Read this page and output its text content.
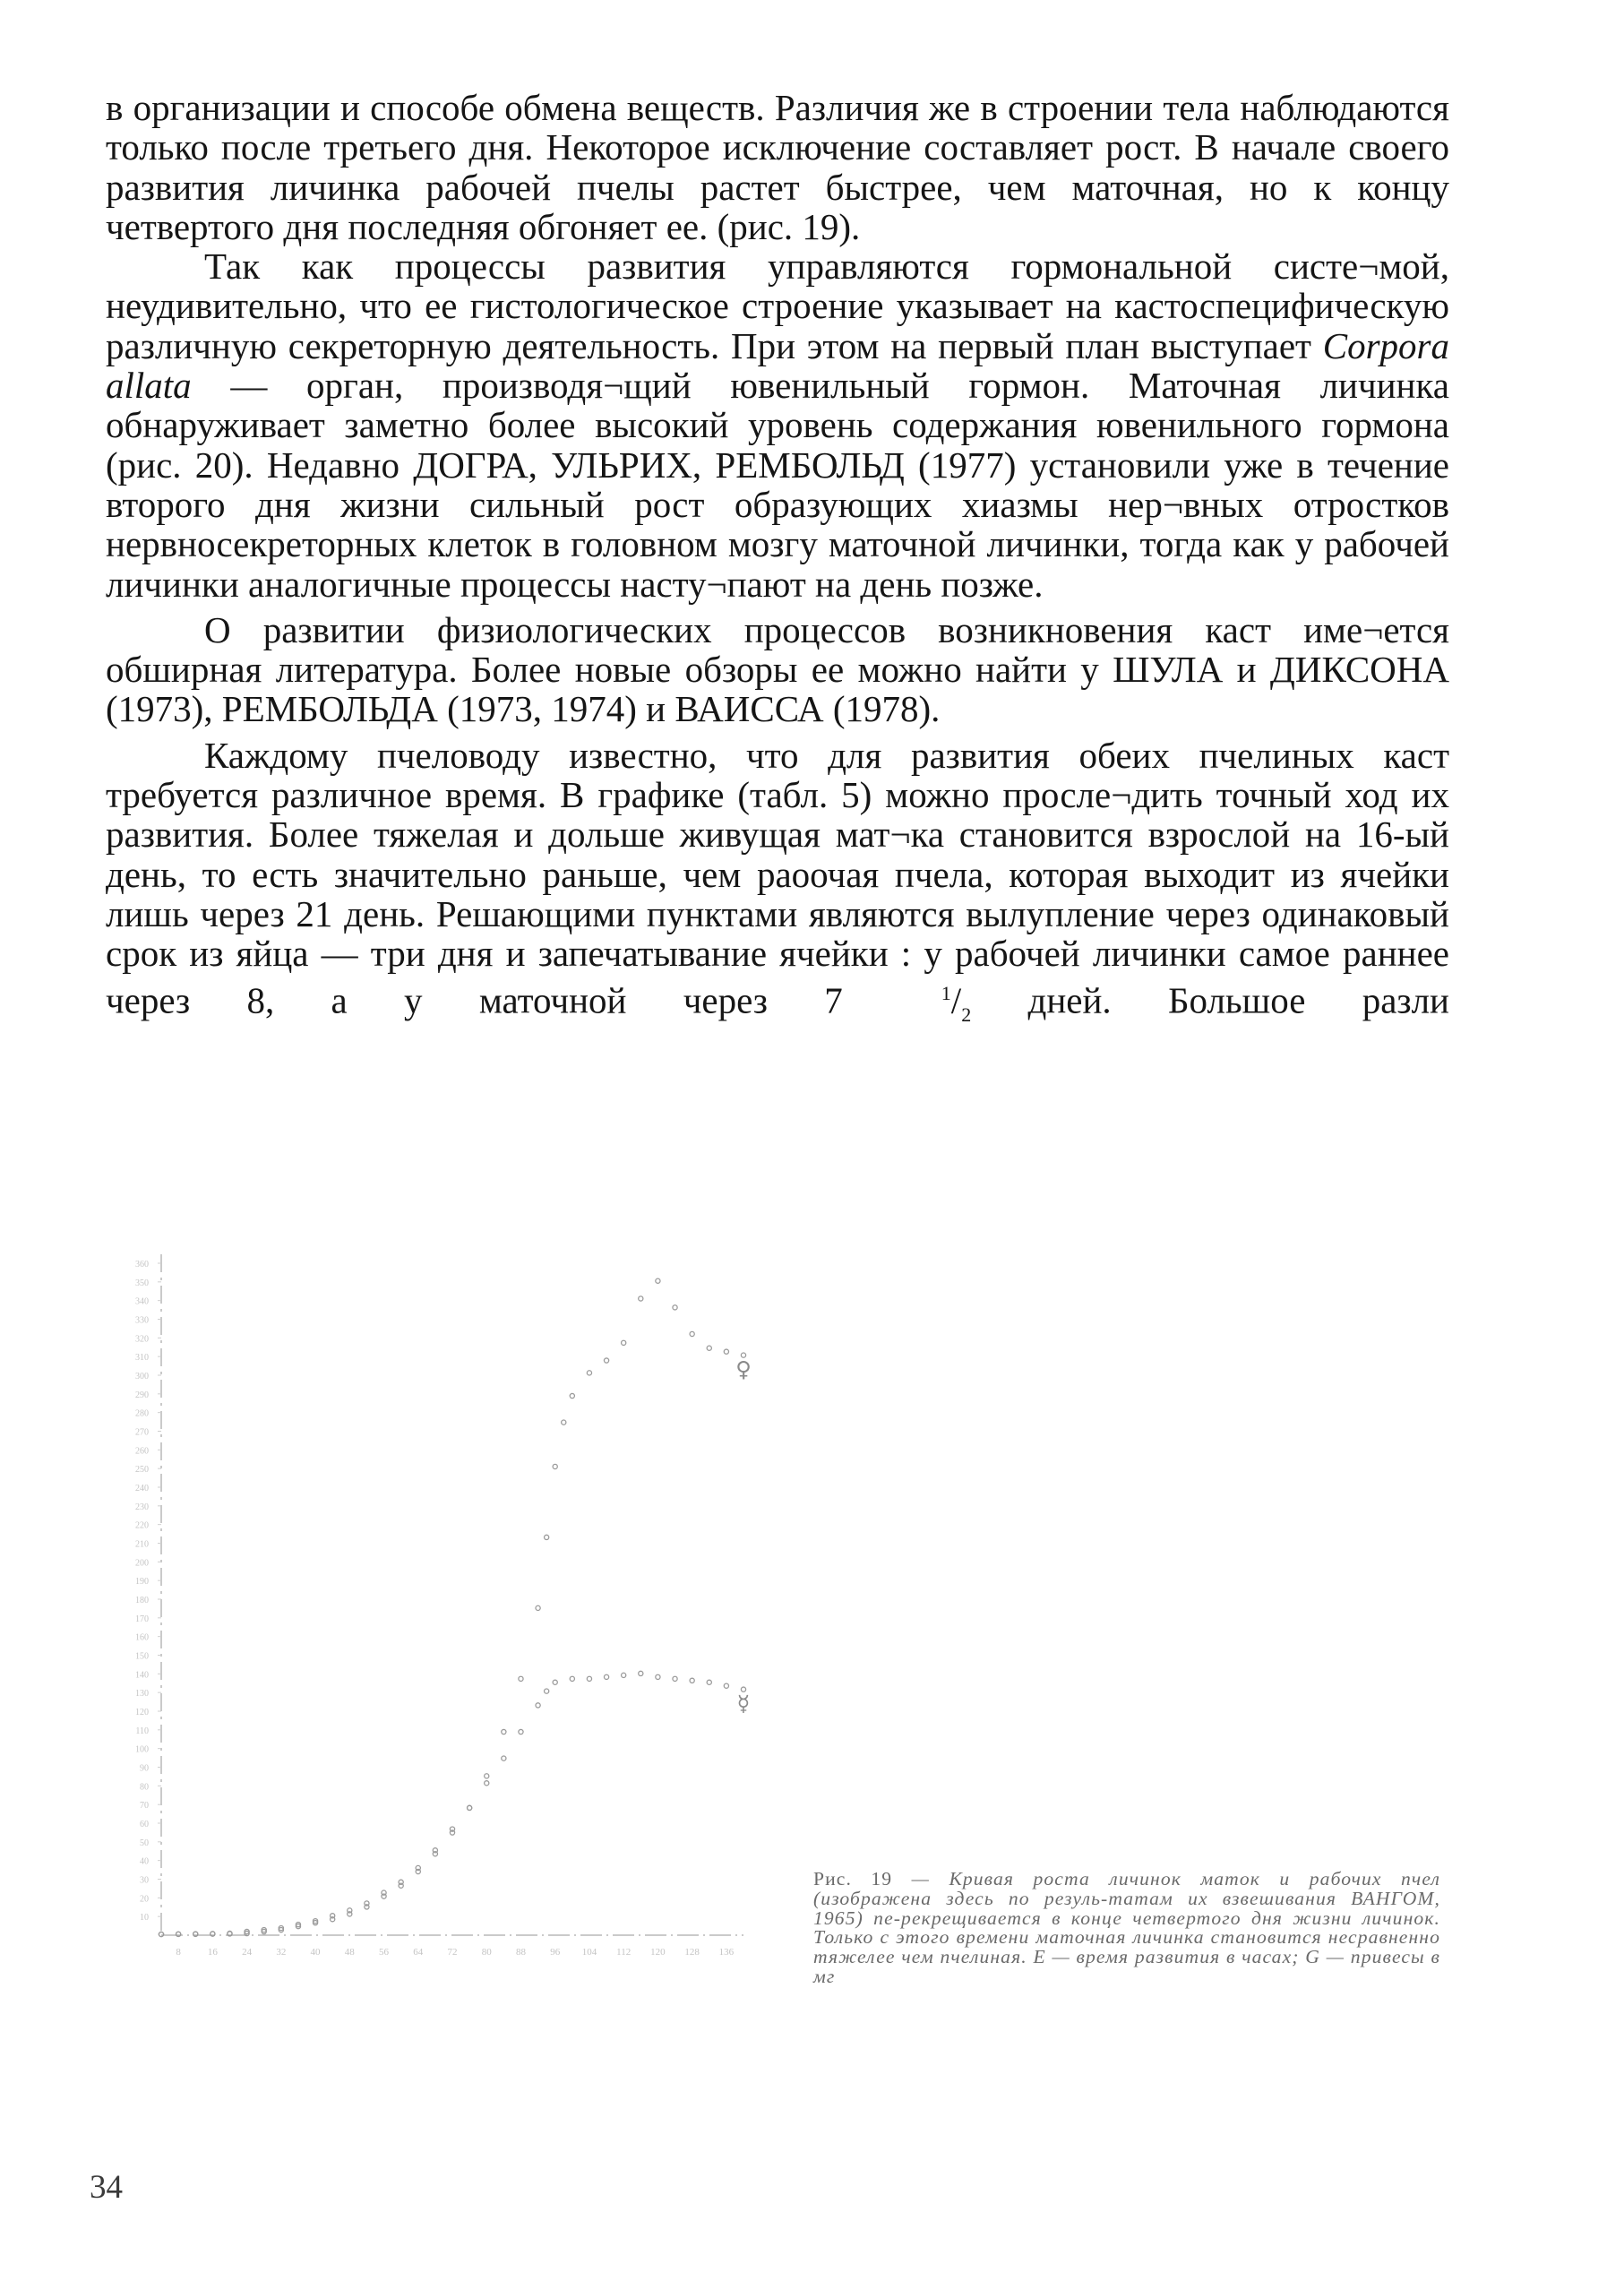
в организации и способе обмена веществ. Различия же в строении тела наблюдаются только после третьего дня. Некоторое исключение составляет рост. В начале своего развития личинка рабочей пчелы растет быстрее, чем маточная, но к концу четвертого дня последняя обгоняет ее. (рис. 19).

Так как процессы развития управляются гормональной систе¬мой, неудивительно, что ее гистологическое строение указывает на кастоспецифическую различную секреторную деятельность. При этом на первый план выступает Corpora allata — орган, производя¬щий ювенильный гормон. Маточная личинка обнаруживает заметно более высокий уровень содержания ювенильного гормона (рис. 20). Недавно ДОГРА, УЛЬРИХ, РЕМБОЛЬД (1977) установили уже в течение второго дня жизни сильный рост образующих хиазмы нер¬вных отростков нервносекреторных клеток в головном мозгу маточной личинки, тогда как у рабочей личинки аналогичные процессы насту¬пают на день позже.

О развитии физиологических процессов возникновения каст име¬ется обширная литература. Более новые обзоры ее можно найти у ШУЛА и ДИКСОНА (1973), РЕМБОЛЬДА (1973, 1974) и ВАИССА (1978).

Каждому пчеловоду известно, что для развития обеих пчелиных каст требуется различное время. В графике (табл. 5) можно просле¬дить точный ход их развития. Более тяжелая и дольше живущая мат¬ка становится взрослой на 16-ый день, то есть значительно раньше, чем раоочая пчела, которая выходит из ячейки лишь через 21 день. Решающими пунктами являются вылупление через одинаковый срок из яйца — три дня и запечатывание ячейки : у рабочей личинки самое раннее через 8, а у маточной через 7	$^1/_2$ дней. Большое разли

10
20
30
40
50
60
70
80
90
100
110
120
130
140
150
160
170
180
190
200
210
220
230
240
250
260
270
280
290
300
310
320
330
340
350
360
8	16 24 32 40 48 56 64 72 80 88 96 104 112 120 128 136
♀
☿

Рис. 19 — Кривая роста личинок маток и рабочих пчел (изображена здесь по резуль-татам их взвешивания ВАНГОМ, 1965) пе-рекрещивается в конце четвертого дня жизни личинок. Только с этого времени маточная личинка становится несравненно тяжелее чем пчелиная. Е — время развития в часах; G — привесы в мг

34
